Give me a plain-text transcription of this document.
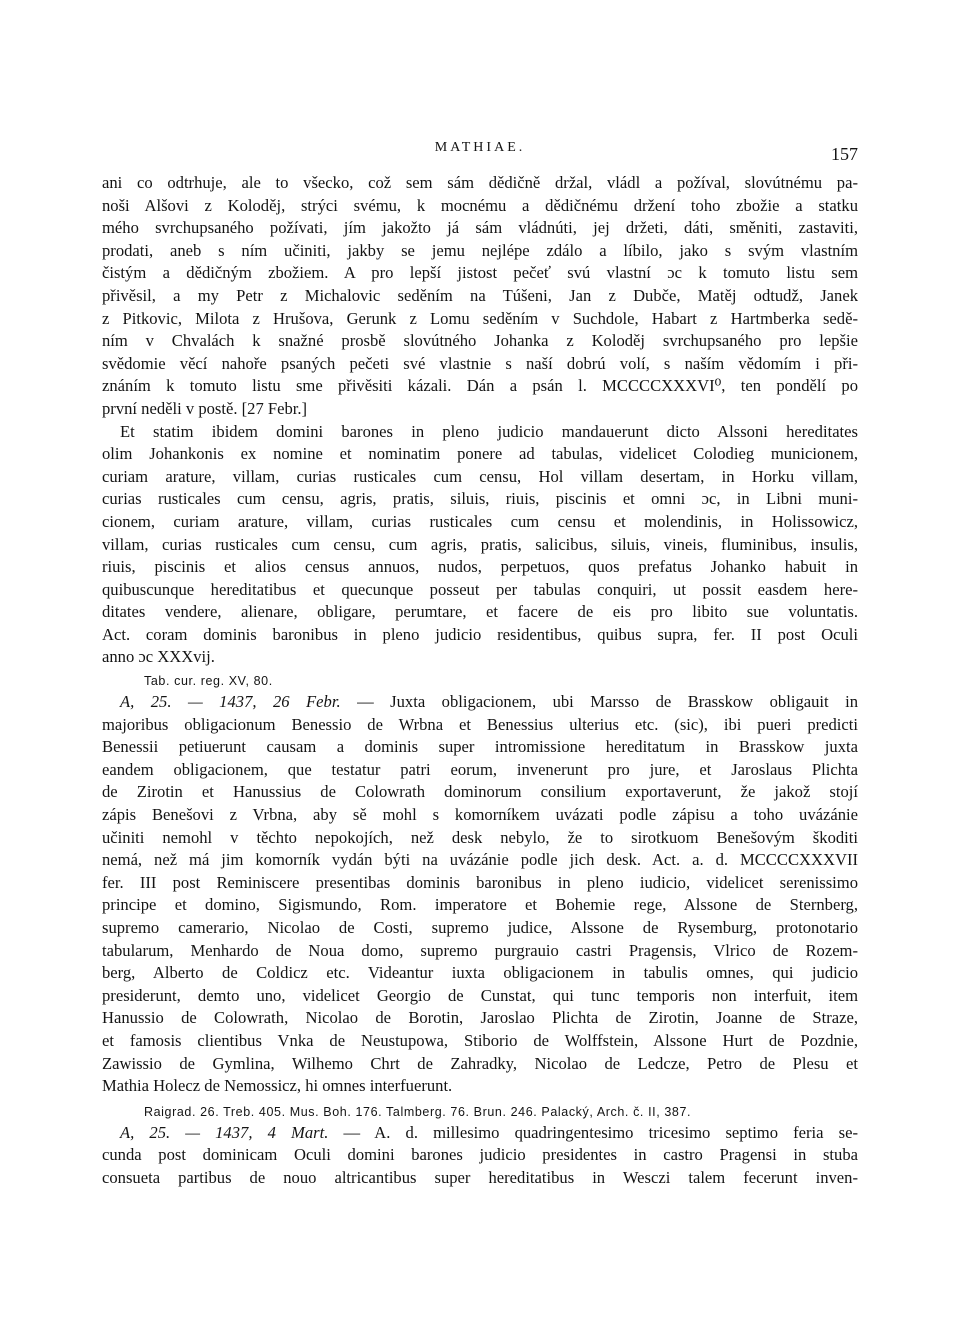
MATHIAE.	157

ani co odtrhuje, ale to všecko, což sem sám dědičně držal, vládl a požíval, slovútnému pa-
noši Alšovi z Koloděj, strýci svému, k mocnému a dědičnému držení toho zbožie a statku
mého svrchupsaného požívati, jím jakožto já sám vládnúti, jej držeti, dáti, směniti, zastaviti,
prodati, aneb s ním učiniti, jakby se jemu nejlépe zdálo a líbilo, jako s svým vlastním
čistým a dědičným zbožiem. A pro lepší jistost pečeť svú vlastní ɔc k tomuto listu sem
přivěsil, a my Petr z Michalovic seděním na Túšeni, Jan z Dubče, Matěj odtudž, Janek
z Pitkovic, Milota z Hrušova, Gerunk z Lomu seděním v Suchdole, Habart z Hartmberka sedě-
ním v Chvalách k snažné prosbě slovútného Johanka z Koloděj svrchupsaného pro lepšie
svědomie věcí nahoře psaných pečeti své vlastnie s naší dobrú volí, s naším vědomím i při-
znáním k tomuto listu sme přivěsiti kázali. Dán a psán l. MCCCCXXXVI⁰, ten pondělí po
první neděli v postě. [27 Febr.]

Et statim ibidem domini barones in pleno judicio mandauerunt dicto Alssoni hereditates
olim Johankonis ex nomine et nominatim ponere ad tabulas, videlicet Colodieg municionem,
curiam arature, villam, curias rusticales cum censu, Hol villam desertam, in Horku villam,
curias rusticales cum censu, agris, pratis, siluis, riuis, piscinis et omni ɔc, in Libni muni-
cionem, curiam arature, villam, curias rusticales cum censu et molendinis, in Holissowicz,
villam, curias rusticales cum censu, cum agris, pratis, salicibus, siluis, vineis, fluminibus, insulis,
riuis, piscinis et alios census annuos, nudos, perpetuos, quos prefatus Johanko habuit in
quibuscunque hereditatibus et quecunque posseut per tabulas conquiri, ut possit easdem here-
ditates vendere, alienare, obligare, perumtare, et facere de eis pro libito sue voluntatis.
Act. coram dominis baronibus in pleno judicio residentibus, quibus supra, fer. II post Oculi
anno ɔc XXXvij.

Tab. cur. reg. XV, 80.

A, 25. — 1437, 26 Febr. — Juxta obligacionem, ubi Marsso de Brasskow obligauit in
majoribus obligacionum Benessio de Wrbna et Benessius ulterius etc. (sic), ibi pueri predicti
Benessii petiuerunt causam a dominis super intromissione hereditatum in Brasskow juxta
eandem obligacionem, que testatur patri eorum, invenerunt pro jure, et Jaroslaus Plichta
de Zirotin et Hanussius de Colowrath dominorum consilium exportaverunt, že jakož stojí
zápis Benešovi z Vrbna, aby sě mohl s komorníkem uvázati podle zápisu a toho uvázánie
učiniti nemohl v těchto nepokojích, než desk nebylo, že to sirotkuom Benešovým škoditi
nemá, než má jim komorník vydán býti na uvázánie podle jich desk. Act. a. d. MCCCCXXXVII
fer. III post Reminiscere presentibas dominis baronibus in pleno iudicio, videlicet serenissimo
principe et domino, Sigismundo, Rom. imperatore et Bohemie rege, Alssone de Sternberg,
supremo camerario, Nicolao de Costi, supremo judice, Alssone de Rysemburg, protonotario
tabularum, Menhardo de Noua domo, supremo purgrauio castri Pragensis, Vlrico de Rozem-
berg, Alberto de Coldicz etc. Videantur iuxta obligacionem in tabulis omnes, qui judicio
presiderunt, demto uno, videlicet Georgio de Cunstat, qui tunc temporis non interfuit, item
Hanussio de Colowrath, Nicolao de Borotin, Jaroslao Plichta de Zirotin, Joanne de Straze,
et famosis clientibus Vnka de Neustupowa, Stiborio de Wolffstein, Alssone Hurt de Pozdnie,
Zawissio de Gymlina, Wilhemo Chrt de Zahradky, Nicolao de Ledcze, Petro de Plesu et
Mathia Holecz de Nemossicz, hi omnes interfuerunt.

Raigrad. 26. Treb. 405. Mus. Boh. 176. Talmberg. 76. Brun. 246. Palacký, Arch. č. II, 387.

A, 25. — 1437, 4 Mart. — A. d. millesimo quadringentesimo tricesimo septimo feria se-
cunda post dominicam Oculi domini barones judicio presidentes in castro Pragensi in stuba
consueta partibus de nouo altricantibus super hereditatibus in Wesczi talem fecerunt inven-
